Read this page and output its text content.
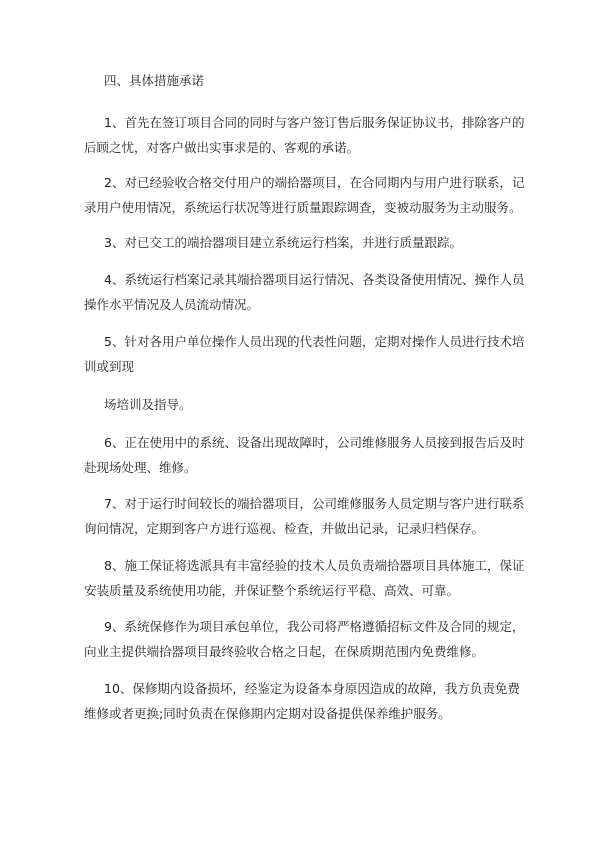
四、具体措施承诺

1、首先在签订项目合同的同时与客户签订售后服务保证协议书，排除客户的后顾之忧，对客户做出实事求是的、客观的承诺。

2、对已经验收合格交付用户的端拾器项目，在合同期内与用户进行联系，记录用户使用情况，系统运行状况等进行质量跟踪调查，变被动服务为主动服务。

3、对已交工的端拾器项目建立系统运行档案，并进行质量跟踪。

4、系统运行档案记录其端拾器项目运行情况、各类设备使用情况、操作人员操作水平情况及人员流动情况。

5、针对各用户单位操作人员出现的代表性问题，定期对操作人员进行技术培训或到现

场培训及指导。

6、正在使用中的系统、设备出现故障时，公司维修服务人员接到报告后及时赴现场处理、维修。

7、对于运行时间较长的端拾器项目，公司维修服务人员定期与客户进行联系询问情况，定期到客户方进行巡视、检查，并做出记录，记录归档保存。

8、施工保证将选派具有丰富经验的技术人员负责端拾器项目具体施工，保证安装质量及系统使用功能，并保证整个系统运行平稳、高效、可靠。

9、系统保修作为项目承包单位，我公司将严格遵循招标文件及合同的规定，向业主提供端拾器项目最终验收合格之日起，在保质期范围内免费维修。

10、保修期内设备损坏，经鉴定为设备本身原因造成的故障，我方负责免费维修或者更换;同时负责在保修期内定期对设备提供保养维护服务。
